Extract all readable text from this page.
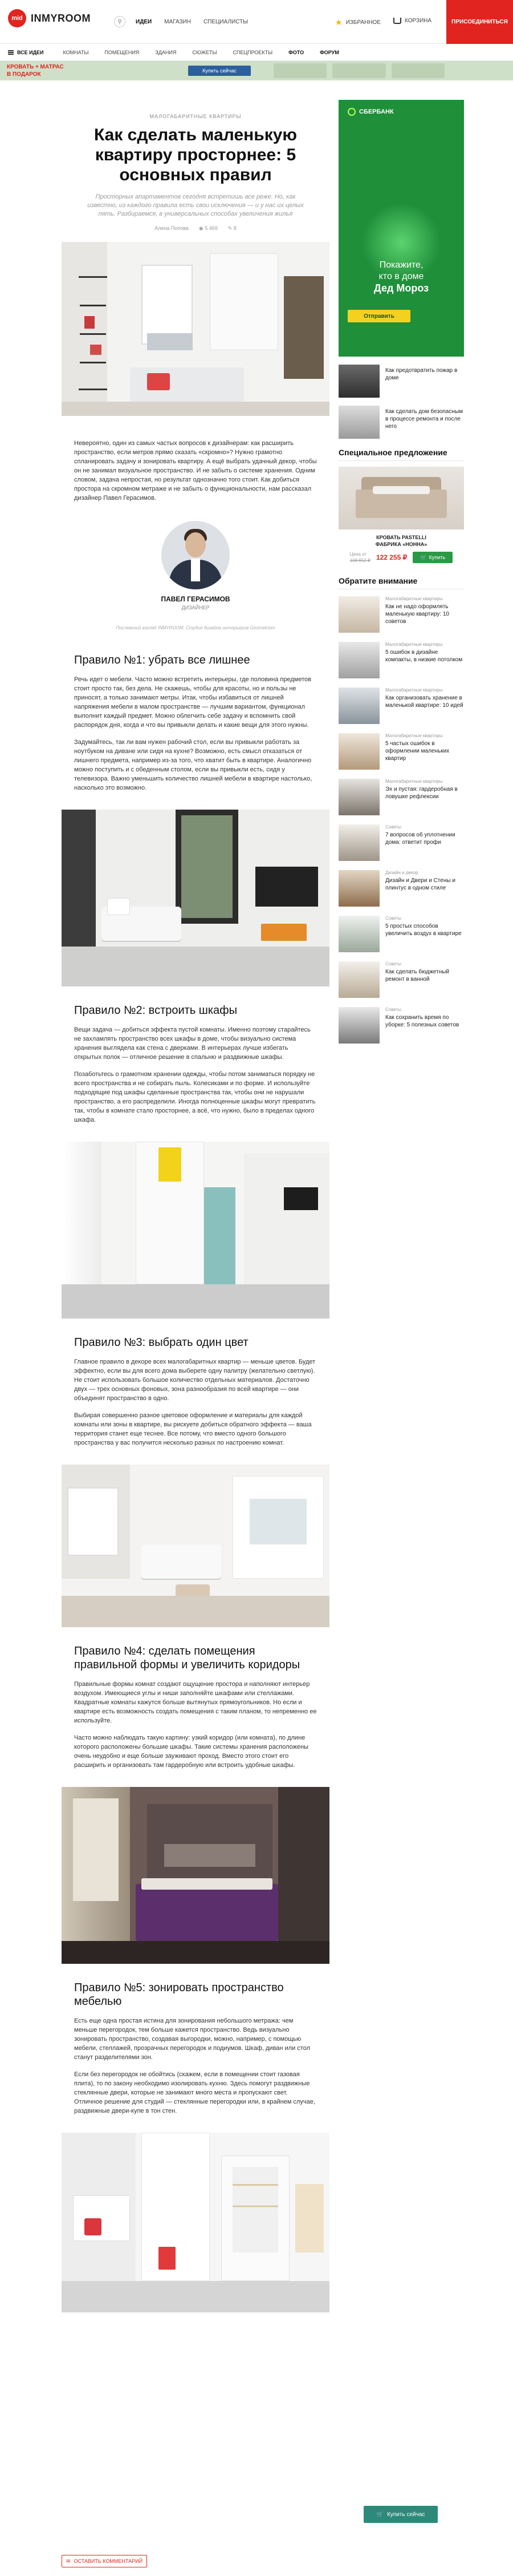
mid INMYROOM	⚲	ИДЕИ МАГАЗИН СПЕЦИАЛИСТЫ	★ ИЗБРАННОЕ	КОРЗИНА	ПРИСОЕДИНИТЬСЯ
ВСЕ ИДЕИ	КОМНАТЫ	ПОМЕЩЕНИЯ	ЗДАНИЯ	СЮЖЕТЫ	СПЕЦПРОЕКТЫ	ФОТО	ФОРУМ
КРОВАТЬ + МАТРАС
В ПОДАРОК
Купить сейчас
МАЛОГАБАРИТНЫЕ КВАРТИРЫ
Как сделать маленькую квартиру просторнее: 5 основных правил

Просторных апартаментов сегодня встретишь все реже. Но, как известно, из каждого правила есть свои исключения — и у нас их целых пять. Разбираемся, в универсальных способах увеличения жилья

Алена Попова ◉ 5 469 ✎ 8

Невероятно, один из самых частых вопросов к дизайнерам: как расширить пространство, если метров прямо сказать «скромно»? Нужно грамотно спланировать задачу и зонировать квартиру. А ещё выбрать удачный декор, чтобы он не занимал визуальное пространство. И не забыть о системе хранения. Одним словом, задача непростая, но результат однозначно того стоит. Как добиться простора на скромном метраже и не забыть о функциональности, нам рассказал дизайнер Павел Герасимов.

ПАВЕЛ ГЕРАСИМОВ
ДИЗАЙНЕР
Послевский взгляд INMYROOM. Студия дизайна интерьеров Geometrium
Правило №1: убрать все лишнее

Речь идет о мебели. Часто можно встретить интерьеры, где половина предметов стоит просто так, без дела. Не скажешь, чтобы для красоты, но и пользы не приносят, а только занимают метры. Итак, чтобы избавиться от лишней напряжения мебели в малом пространстве — лучшим вариантом, функционал выполнит каждый предмет. Можно облегчить себе задачу и вспомнить свой распорядок дня, когда и что вы привыкли делать и какие вещи для этого нужны.

Задумайтесь, так ли вам нужен рабочий стол, если вы привыкли работать за ноутбуком на диване или сидя на кухне? Возможно, есть смысл отказаться от лишнего предмета, например из-за того, что хватит быть в квартире. Аналогично можно поступить и с обеденным столом, если вы привыкли есть, сидя у телевизора. Важно уменьшить количество лишней мебели в квартире настолько, насколько это возможно.

Правило №2: встроить шкафы

Вещи задача — добиться эффекта пустой комнаты. Именно поэтому старайтесь не захламлять пространство всех шкафы в доме, чтобы визуально система хранения выглядела как стена с дверками. В интерьерах лучше избегать открытых полок — отличное решение в спальню и раздвижные шкафы.

Позаботьтесь о грамотном хранении одежды, чтобы потом заниматься порядку не всего пространства и не собирать пыль. Колесиками и по форме. И используйте подходящие под шкафы сделанные пространства так, чтобы они не нарушали пространство, а его распределили. Иногда полноценные шкафы могут превратить так, чтобы в комнате стало просторнее, а всё, что нужно, было в пределах одного шкафа.

Правило №3: выбрать один цвет

Главное правило в декоре всех малогабаритных квартир — меньше цветов. Будет эффектно, если вы для всего дома выберете одну палитру (желательно светлую). Не стоит использовать большое количество отдельных материалов. Достаточно двух — трех основных фоновых, зона разнообразия по всей квартире — они объединят пространство в одно.

Выбирая совершенно разное цветовое оформление и материалы для каждой комнаты или зоны в квартире, вы рискуете добиться обратного эффекта — ваша территория станет еще теснее. Все потому, что вместо одного большого пространства у вас получится несколько разных по настроению комнат.

Правило №4: сделать помещения правильной формы и увеличить коридоры

Правильные формы комнат создают ощущение простора и наполняют интерьер воздухом. Имеющиеся углы и ниши заполняйте шкафами или стеллажами. Квадратные комнаты кажутся больше вытянутых прямоугольников. Но если и квартире есть возможность создать помещения с таким планом, то непременно ее используйте.

Часто можно наблюдать такую картину: узкий коридор (или комната), по длине которого расположены большие шкафы. Такие системы хранения расположены очень неудобно и еще больше зауживают проход. Вместо этого стоит его расширить и организовать там гардеробную или встроить удобные шкафы.

Правило №5: зонировать пространство мебелью

Есть еще одна простая истина для зонирования небольшого метража: чем меньше перегородок, тем больше кажется пространство. Ведь визуально зонировать пространство, создавая выгородки, можно, например, с помощью мебели, стеллажей, прозрачных перегородок и подиумов. Шкаф, диван или стол станут разделителями зон.

Если без перегородок не обойтись (скажем, если в помещении стоит газовая плита), то по закону необходимо изолировать кухню. Здесь помогут раздвижные стеклянные двери, которые не занимают много места и пропускают свет. Отличное решение для студий — стеклянные перегородки или, в крайнем случае, раздвижные двери-купе в тон стен.

✉ ОСТАВИТЬ КОММЕНТАРИЙ
СБЕРБАНК
Покажите,
кто в доме
Дед Мороз
Отправить
Как предотвратить пожар в доме
Как сделать дом безопасным в процессе ремонта и после него
Специальное предложение
КРОВАТЬ PASTELLI
ФАБРИКА «НОННА»
Цена от
108 652 ₽ 122 255 ₽	🛒 Купить
Обратите внимание
Малогабаритные квартиры
Как не надо оформлять маленькую квартиру: 10 советов
Малогабаритные квартиры
5 ошибок в дизайне компакты, в низкие потолком
Малогабаритные квартиры
Как организовать хранение в маленькой квартире: 10 идей
Малогабаритные квартиры
5 частых ошибок в оформлении маленьких квартир
Малогабаритные квартиры
Эх и пустая: гардеробная в ловушке рефлексии
Советы
7 вопросов об уплотнении дома: ответит профи
Дизайн и декор
Дизайн и Двери и Стены и плинтус в одном стиле
Советы
5 простых способов увеличить воздух в квартире
Советы
Как сделать бюджетный ремонт в ванной
Советы
Как сохранить время по уборке: 5 полезных советов
🛒 Купить сейчас
